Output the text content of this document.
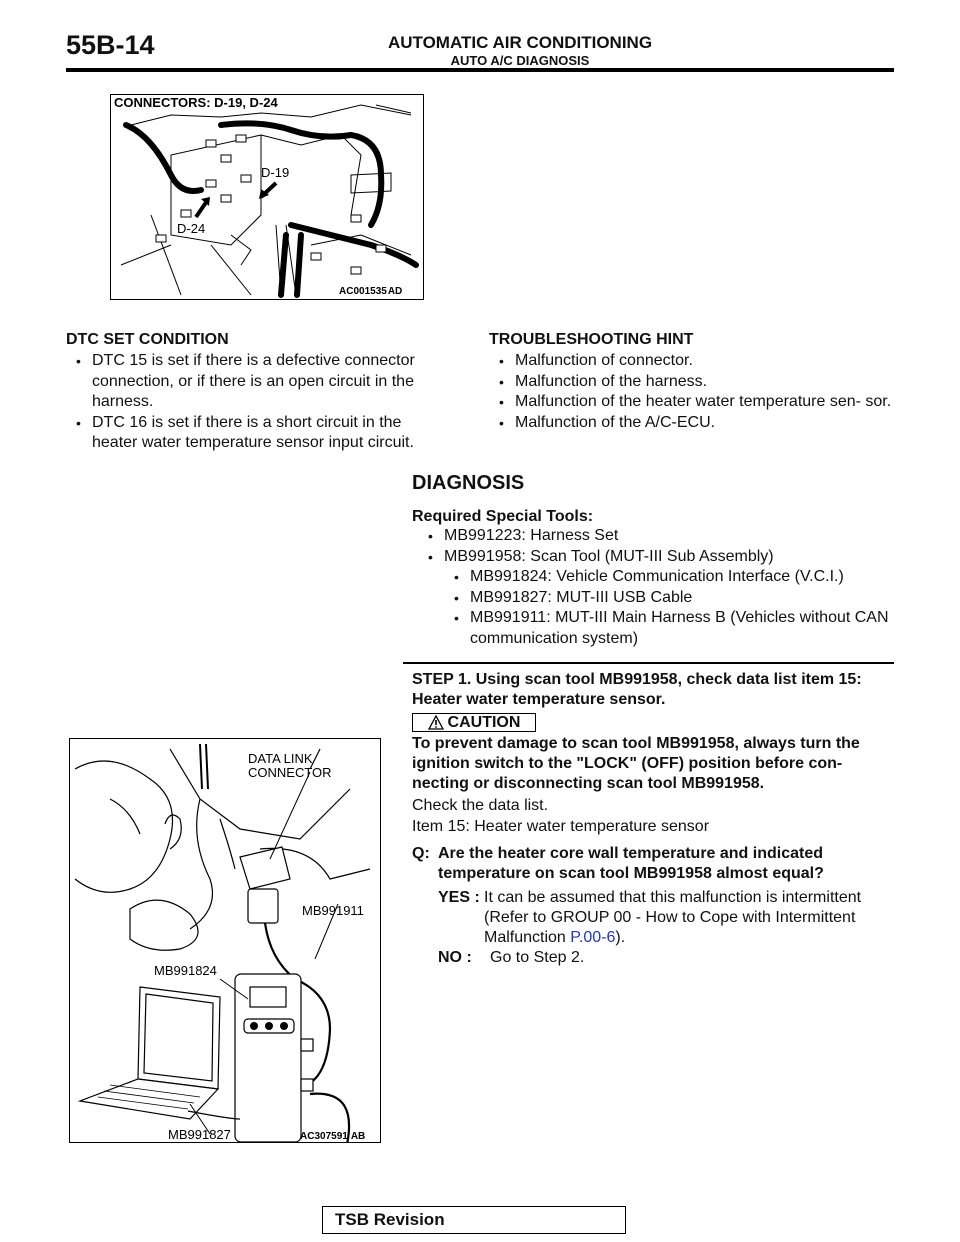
55B-14	AUTOMATIC AIR CONDITIONING
AUTO A/C DIAGNOSIS
CONNECTORS: D-19, D-24
D-19
D-24
AC001535AD
DTC SET CONDITION
• DTC 15 is set if there is a defective connector connection, or if there is an open circuit in the harness.
• DTC 16 is set if there is a short circuit in the heater water temperature sensor input circuit.
TROUBLESHOOTING HINT
• Malfunction of connector.
• Malfunction of the harness.
• Malfunction of the heater water temperature sen- sor.
• Malfunction of the A/C-ECU.
DIAGNOSIS
Required Special Tools:
• MB991223: Harness Set
• MB991958: Scan Tool (MUT-III Sub Assembly)
• MB991824: Vehicle Communication Interface (V.C.I.)
• MB991827: MUT-III USB Cable
• MB991911: MUT-III Main Harness B (Vehicles without CAN communication system)
STEP 1. Using scan tool MB991958, check data list item 15: Heater water temperature sensor.
CAUTION
To prevent damage to scan tool MB991958, always turn the ignition switch to the "LOCK" (OFF) position before con- necting or disconnecting scan tool MB991958.
Check the data list.
Item 15: Heater water temperature sensor
Q: Are the heater core wall temperature and indicated temperature on scan tool MB991958 almost equal?
YES : It can be assumed that this malfunction is intermittent (Refer to GROUP 00 - How to Cope with Intermittent Malfunction P.00-6).
NO : Go to Step 2.
DATA LINK
CONNECTOR
MB991911
MB991824
MB991827	AC307591 AB
TSB Revision
